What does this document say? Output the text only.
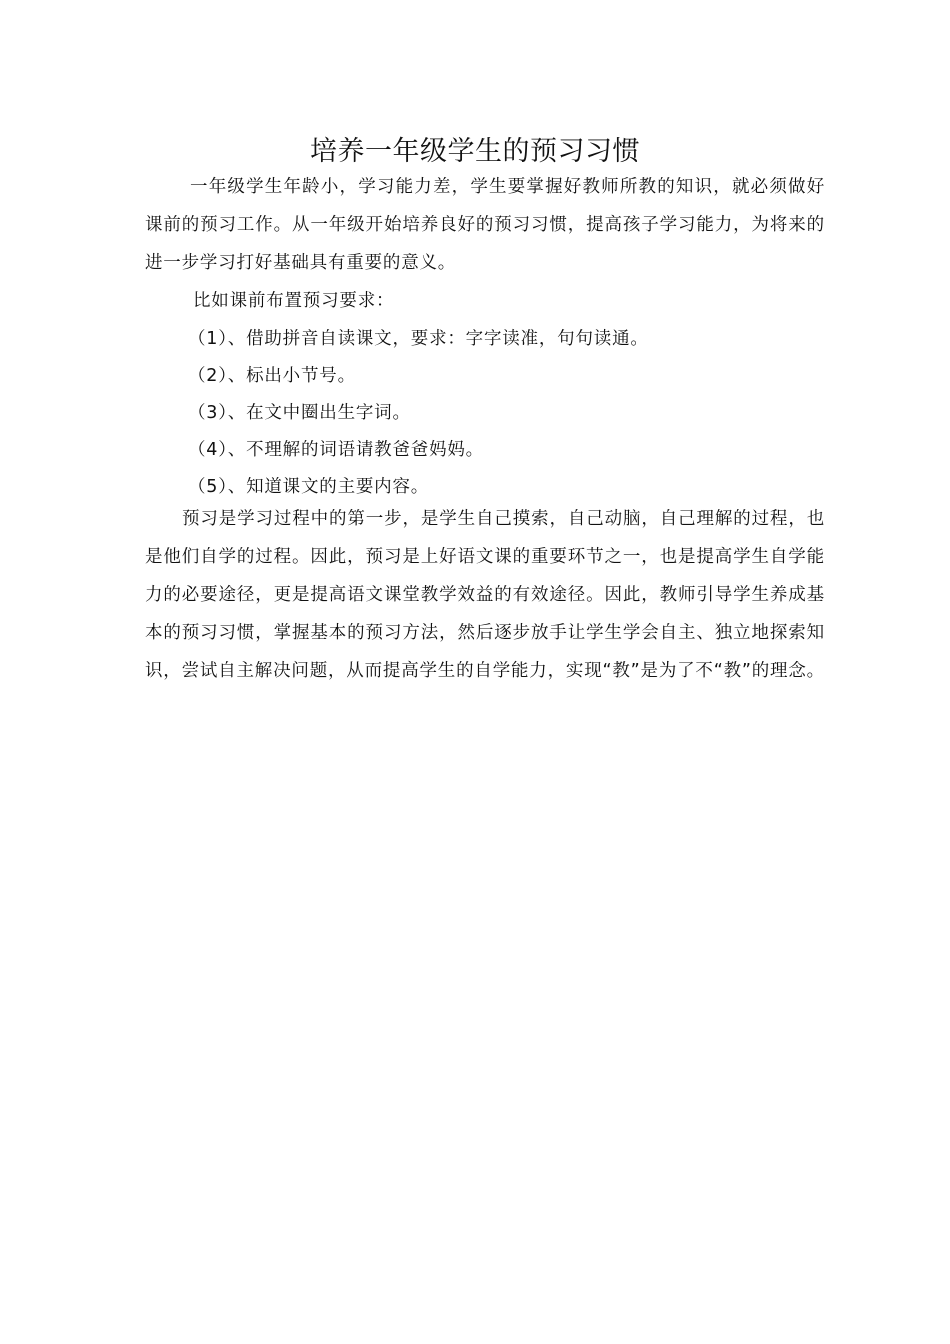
培养一年级学生的预习习惯
一年级学生年龄小，学习能力差，学生要掌握好教师所教的知识，就必须做好课前的预习工作。从一年级开始培养良好的预习习惯，提高孩子学习能力，为将来的进一步学习打好基础具有重要的意义。
比如课前布置预习要求：
（1）、借助拼音自读课文，要求：字字读准，句句读通。
（2）、标出小节号。
（3）、在文中圈出生字词。
（4）、不理解的词语请教爸爸妈妈。
（5）、知道课文的主要内容。
预习是学习过程中的第一步，是学生自己摸索，自己动脑，自己理解的过程，也是他们自学的过程。因此，预习是上好语文课的重要环节之一，也是提高学生自学能力的必要途径，更是提高语文课堂教学效益的有效途径。因此，教师引导学生养成基本的预习习惯，掌握基本的预习方法，然后逐步放手让学生学会自主、独立地探索知识，尝试自主解决问题，从而提高学生的自学能力，实现“教”是为了不“教”的理念。
